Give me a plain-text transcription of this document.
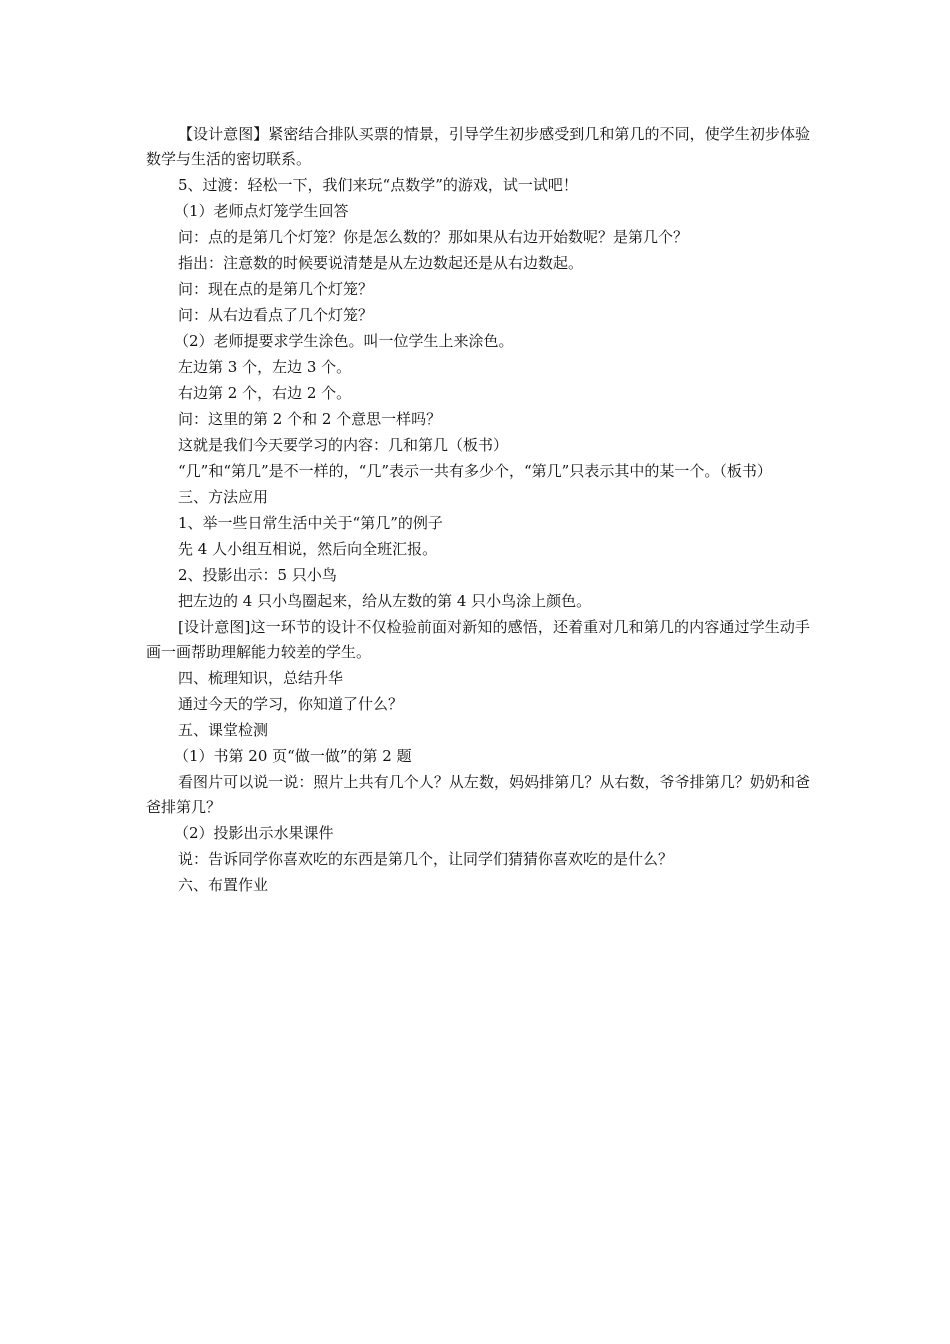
【设计意图】紧密结合排队买票的情景，引导学生初步感受到几和第几的不同，使学生初步体验数学与生活的密切联系。

5、过渡：轻松一下，我们来玩“点数学”的游戏，试一试吧！

（1）老师点灯笼学生回答

问：点的是第几个灯笼？你是怎么数的？那如果从右边开始数呢？是第几个？

指出：注意数的时候要说清楚是从左边数起还是从右边数起。

问：现在点的是第几个灯笼？

问：从右边看点了几个灯笼？

（2）老师提要求学生涂色。叫一位学生上来涂色。

左边第 3 个，左边 3 个。

右边第 2 个，右边 2 个。

问：这里的第 2 个和 2 个意思一样吗？

这就是我们今天要学习的内容：几和第几（板书）

“几”和“第几”是不一样的，“几”表示一共有多少个，“第几”只表示其中的某一个。（板书）

三、方法应用

1、举一些日常生活中关于“第几”的例子

先 4 人小组互相说，然后向全班汇报。

2、投影出示：5 只小鸟

把左边的 4 只小鸟圈起来，给从左数的第 4 只小鸟涂上颜色。

[设计意图]这一环节的设计不仅检验前面对新知的感悟，还着重对几和第几的内容通过学生动手画一画帮助理解能力较差的学生。

四、梳理知识，总结升华

通过今天的学习，你知道了什么？

五、课堂检测

（1）书第 20 页“做一做”的第 2 题

看图片可以说一说：照片上共有几个人？从左数，妈妈排第几？从右数，爷爷排第几？奶奶和爸爸排第几？

（2）投影出示水果课件

说：告诉同学你喜欢吃的东西是第几个，让同学们猜猜你喜欢吃的是什么？

六、布置作业
